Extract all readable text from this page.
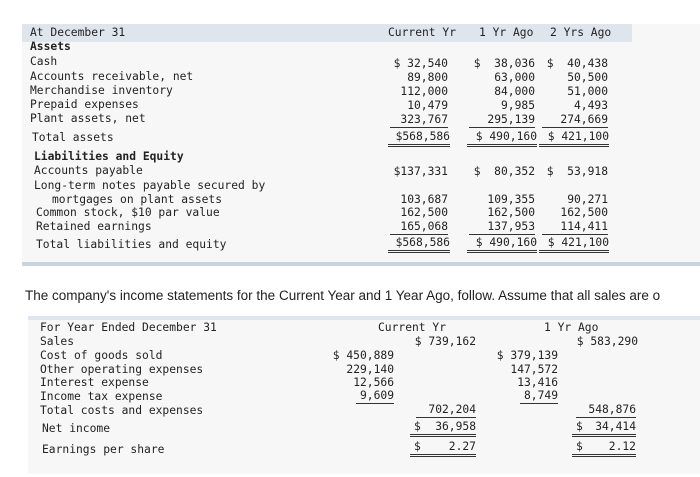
At December 31	Current Yr 1 Yr Ago 2 Yrs Ago
Assets
Cash	$ 32,540	$  38,036	$  40,438
Accounts receivable, net	89,800	63,000	50,500
Merchandise inventory	112,000	84,000	51,000
Prepaid expenses	10,479	9,985	4,493
Plant assets, net	323,767	295,139	274,669
Total assets	$568,586	$ 490,160 $ 421,100
Liabilities and Equity
Accounts payable	$137,331	$  80,352	$  53,918
Long-term notes payable secured by
mortgages on plant assets	103,687	109,355	90,271
Common stock, $10 par value	162,500	162,500	162,500
Retained earnings	165,068	137,953	114,411
Total liabilities and equity	$568,586	$ 490,160 $ 421,100
The company's income statements for the Current Year and 1 Year Ago, follow. Assume that all sales are o
For Year Ended December 31	Current Yr	1 Yr Ago
Sales	$ 739,162	$ 583,290
Cost of goods sold	$ 450,889	$ 379,139
Other operating expenses	229,140	147,572
Interest expense	12,566	13,416
Income tax expense	9,609	8,749
Total costs and expenses	702,204	548,876
Net income	$	36,958	$	34,414
Earnings per share	$	2.27	$	2.12
